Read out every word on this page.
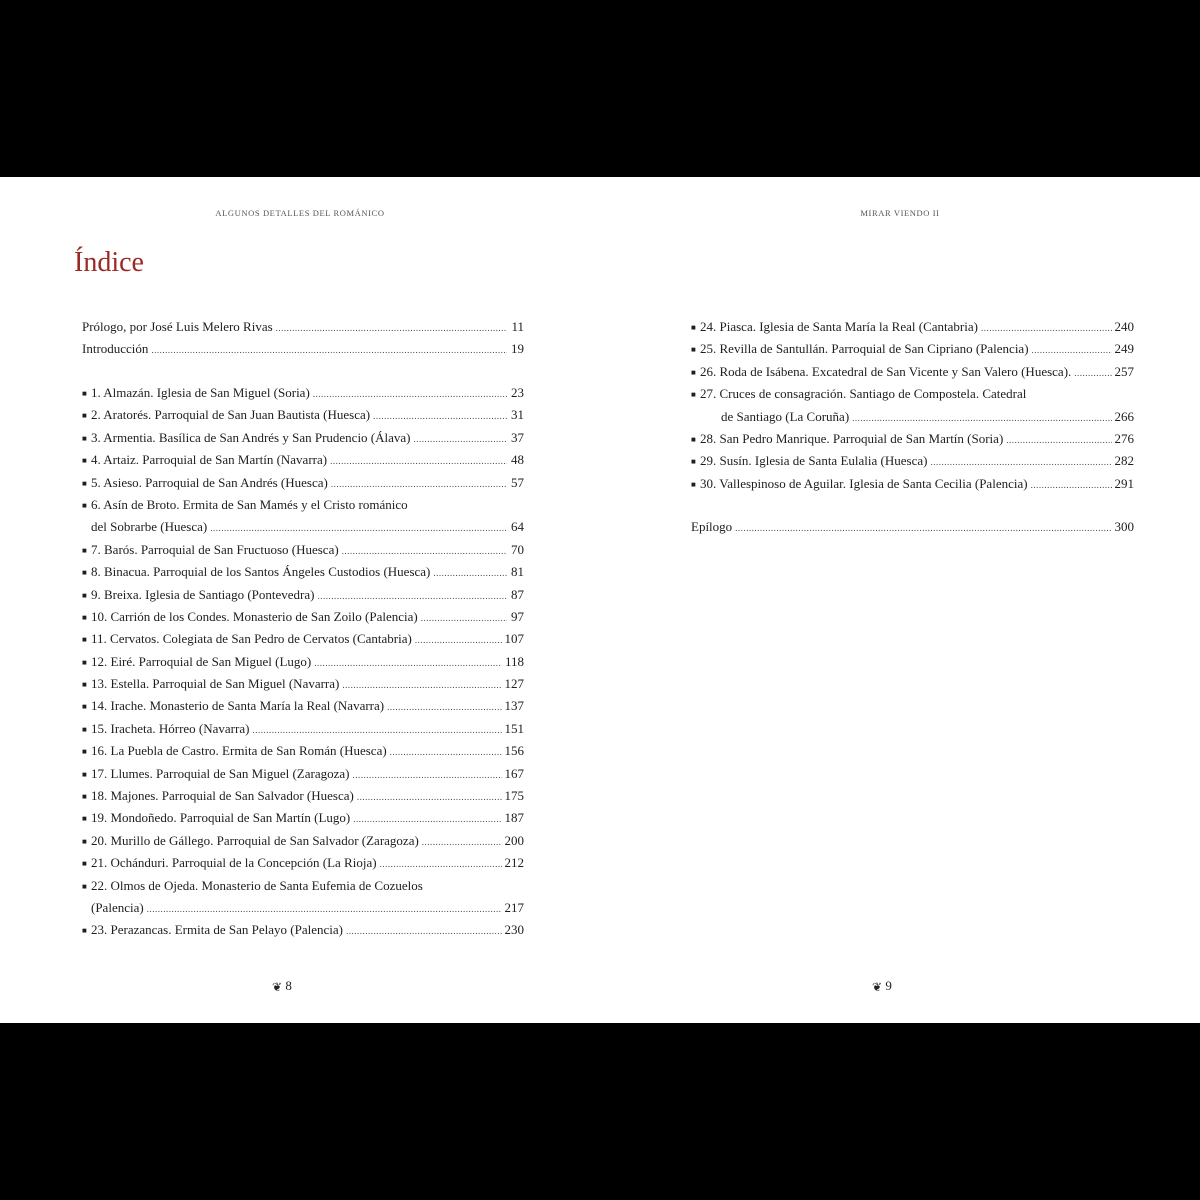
ALGUNOS DETALLES DEL ROMÁNICO
Índice
Prólogo, por José Luis Melero Rivas .....	11
Introducción .....	19
■ 1. Almazán. Iglesia de San Miguel (Soria) .....	23
■ 2. Aratorés. Parroquial de San Juan Bautista (Huesca) .....	31
■ 3. Armentia. Basílica de San Andrés y San Prudencio (Álava) .....	37
■ 4. Artaiz. Parroquial de San Martín (Navarra) .....	48
■ 5. Asieso. Parroquial de San Andrés (Huesca) .....	57
■ 6. Asín de Broto. Ermita de San Mamés y el Cristo románico
del Sobrarbe (Huesca) .....	64
■ 7. Barós. Parroquial de San Fructuoso (Huesca) .....	70
■ 8. Binacua. Parroquial de los Santos Ángeles Custodios (Huesca) .....	81
■ 9. Breixa. Iglesia de Santiago (Pontevedra) .....	87
■ 10. Carrión de los Condes. Monasterio de San Zoilo (Palencia) .....	97
■ 11. Cervatos. Colegiata de San Pedro de Cervatos (Cantabria) .....	107
■ 12. Eiré. Parroquial de San Miguel (Lugo) .....	118
■ 13. Estella. Parroquial de San Miguel (Navarra) .....	127
■ 14. Irache. Monasterio de Santa María la Real (Navarra) .....	137
■ 15. Iracheta. Hórreo (Navarra) .....	151
■ 16. La Puebla de Castro. Ermita de San Román (Huesca) .....	156
■ 17. Llumes. Parroquial de San Miguel (Zaragoza) .....	167
■ 18. Majones. Parroquial de San Salvador (Huesca) .....	175
■ 19. Mondoñedo. Parroquial de San Martín (Lugo) .....	187
■ 20. Murillo de Gállego. Parroquial de San Salvador (Zaragoza) .....	200
■ 21. Ochánduri. Parroquial de la Concepción (La Rioja) .....	212
■ 22. Olmos de Ojeda. Monasterio de Santa Eufemia de Cozuelos
(Palencia) .....	217
■ 23. Perazancas. Ermita de San Pelayo (Palencia) .....	230
❦ 8
MIRAR VIENDO II
■ 24. Piasca. Iglesia de Santa María la Real (Cantabria) .....	240
■ 25. Revilla de Santullán. Parroquial de San Cipriano (Palencia) .....	249
■ 26. Roda de Isábena. Excatedral de San Vicente y San Valero (Huesca). .....	257
■ 27. Cruces de consagración. Santiago de Compostela. Catedral
de Santiago (La Coruña) .....	266
■ 28. San Pedro Manrique. Parroquial de San Martín (Soria) .....	276
■ 29. Susín. Iglesia de Santa Eulalia (Huesca) .....	282
■ 30. Vallespinoso de Aguilar. Iglesia de Santa Cecilia (Palencia) .....	291
Epílogo .....	300
❦ 9
